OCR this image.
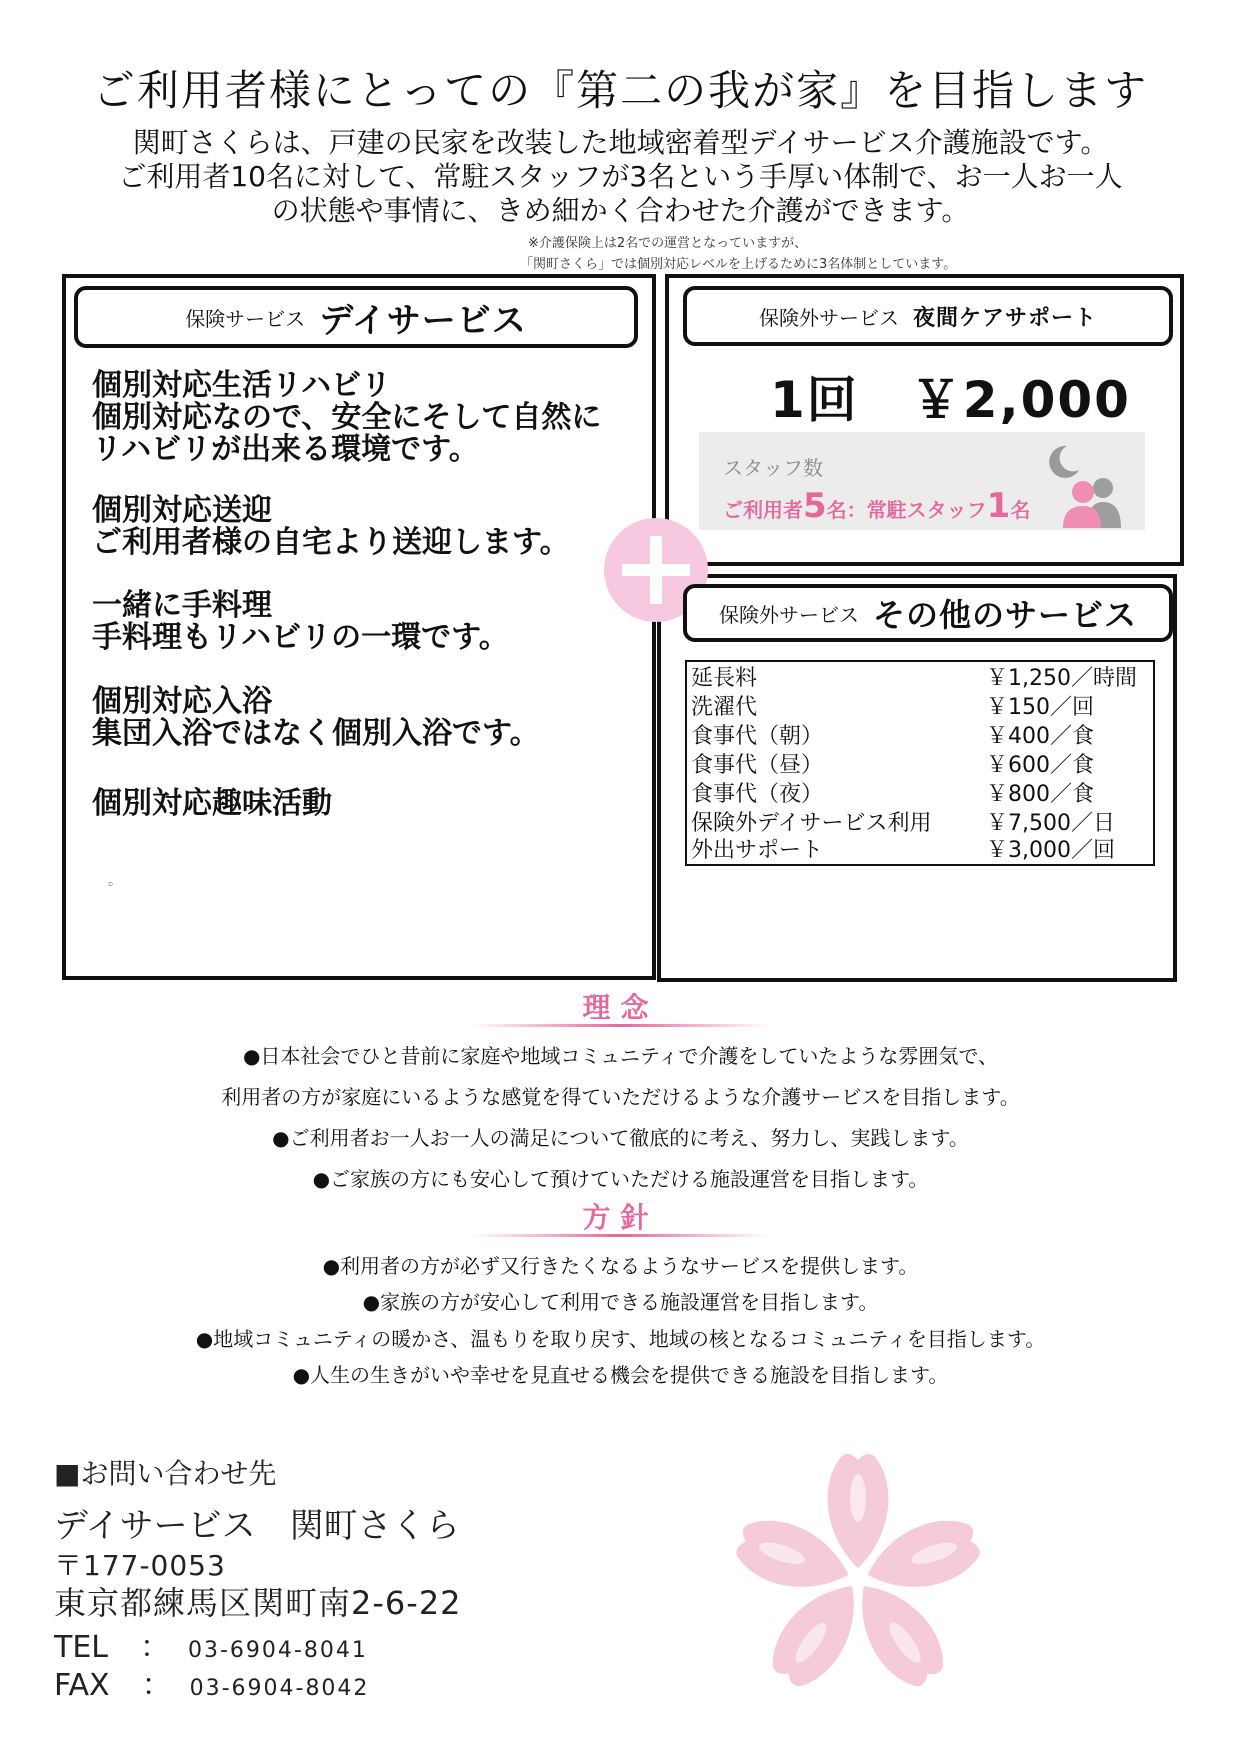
ご利用者様にとっての『第二の我が家』を目指します
関町さくらは、戸建の民家を改装した地域密着型デイサービス介護施設です。
ご利用者10名に対して、常駐スタッフが3名という手厚い体制で、お一人お一人
の状態や事情に、きめ細かく合わせた介護ができます。
※介護保険上は2名での運営となっていますが、
「関町さくら」では個別対応レベルを上げるために3名体制としています。
保険サービス デイサービス
個別対応生活リハビリ
個別対応なので、安全にそして自然に
リハビリが出来る環境です。
個別対応送迎
ご利用者様の自宅より送迎します。
一緒に手料理
手料理もリハビリの一環です。
個別対応入浴
集団入浴ではなく個別入浴です。
個別対応趣味活動
。
保険外サービス 夜間ケアサポート
1回　￥2,000
スタッフ数
ご利用者5名：常駐スタッフ1名
保険外サービス その他のサービス
延長料	￥1,250／時間
洗濯代	￥150／回
食事代（朝）	￥400／食
食事代（昼）	￥600／食
食事代（夜）	￥800／食
保険外デイサービス利用 ￥7,500／日
外出サポート	￥3,000／回
理念
●日本社会でひと昔前に家庭や地域コミュニティで介護をしていたような雰囲気で、
利用者の方が家庭にいるような感覚を得ていただけるような介護サービスを目指します。
●ご利用者お一人お一人の満足について徹底的に考え、努力し、実践します。
●ご家族の方にも安心して預けていただける施設運営を目指します。
方針
●利用者の方が必ず又行きたくなるようなサービスを提供します。
●家族の方が安心して利用できる施設運営を目指します。
●地域コミュニティの暖かさ、温もりを取り戻す、地域の核となるコミュニティを目指します。
●人生の生きがいや幸せを見直せる機会を提供できる施設を目指します。
■お問い合わせ先
デイサービス　関町さくら
〒177-0053
東京都練馬区関町南2-6-22
TEL ： 03-6904-8041
FAX ： 03-6904-8042
